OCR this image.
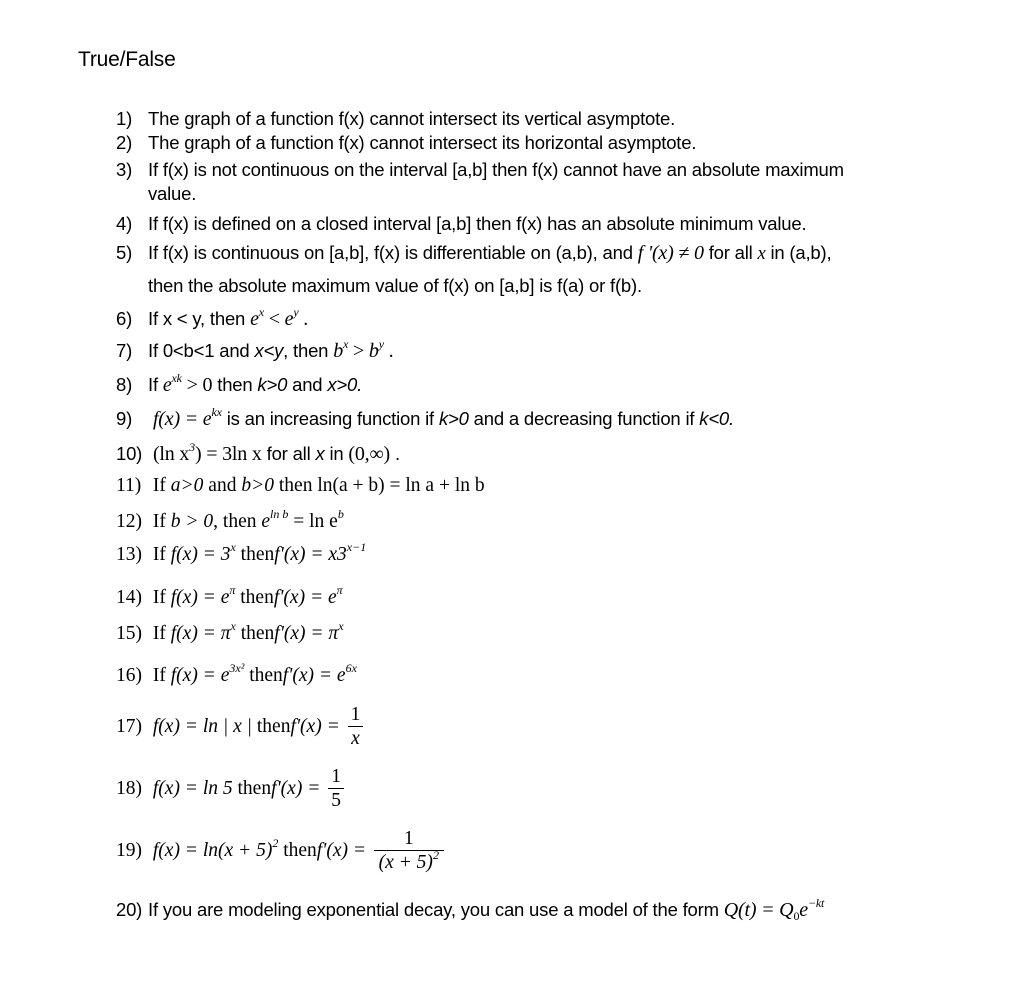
True/False
1) The graph of a function f(x) cannot intersect its vertical asymptote.
2) The graph of a function f(x) cannot intersect its horizontal asymptote.
3) If f(x) is not continuous on the interval [a,b] then f(x) cannot have an absolute maximum
value.
4) If f(x) is defined on a closed interval [a,b] then f(x) has an absolute minimum value.
5) If f(x) is continuous on [a,b], f(x) is differentiable on (a,b), and f '(x) ≠ 0 for all x in (a,b),
then the absolute maximum value of f(x) on [a,b] is f(a) or f(b).
6) If x < y, then $e^x < e^y$ .
7) If 0<b<1 and x<y, then $b^x > b^y$ .
8) If $e^{xk} > 0$ then k>0 and x>0.
9) $f(x) = e^{kx}$ is an increasing function if k>0 and a decreasing function if k<0.
10) (ln $x^3) = 3\ln$ x for all x in (0,∞) .
11) If a>0 and b>0 then ln(a + b) = ln a + ln b
12) If b > 0, then $e^{ln b} = \ln e^b$
13) If $f(x) = 3^x$ thenf'(x) = $x3^{x-1}$
14) If $f(x) = e^\pi$ thenf'(x) = $e^\pi$
15) If $f(x) = \pi^x$ thenf'(x) = $\pi^x$
16) If $f(x) = e^{3x^2}$ thenf'(x) = $e^{6x}$
17) f(x) = ln | x | thenf'(x) = $\frac{1}{x}$
18) f(x) = ln 5 thenf'(x) = $\frac{1}{5}$
19) $f(x) = \ln(x + 5)^2$ thenf'(x) = $\frac{1}{(x + 5)^2}$
20) If you are modeling exponential decay, you can use a model of the form $Q(t) = Q_0e^{-kt}$
